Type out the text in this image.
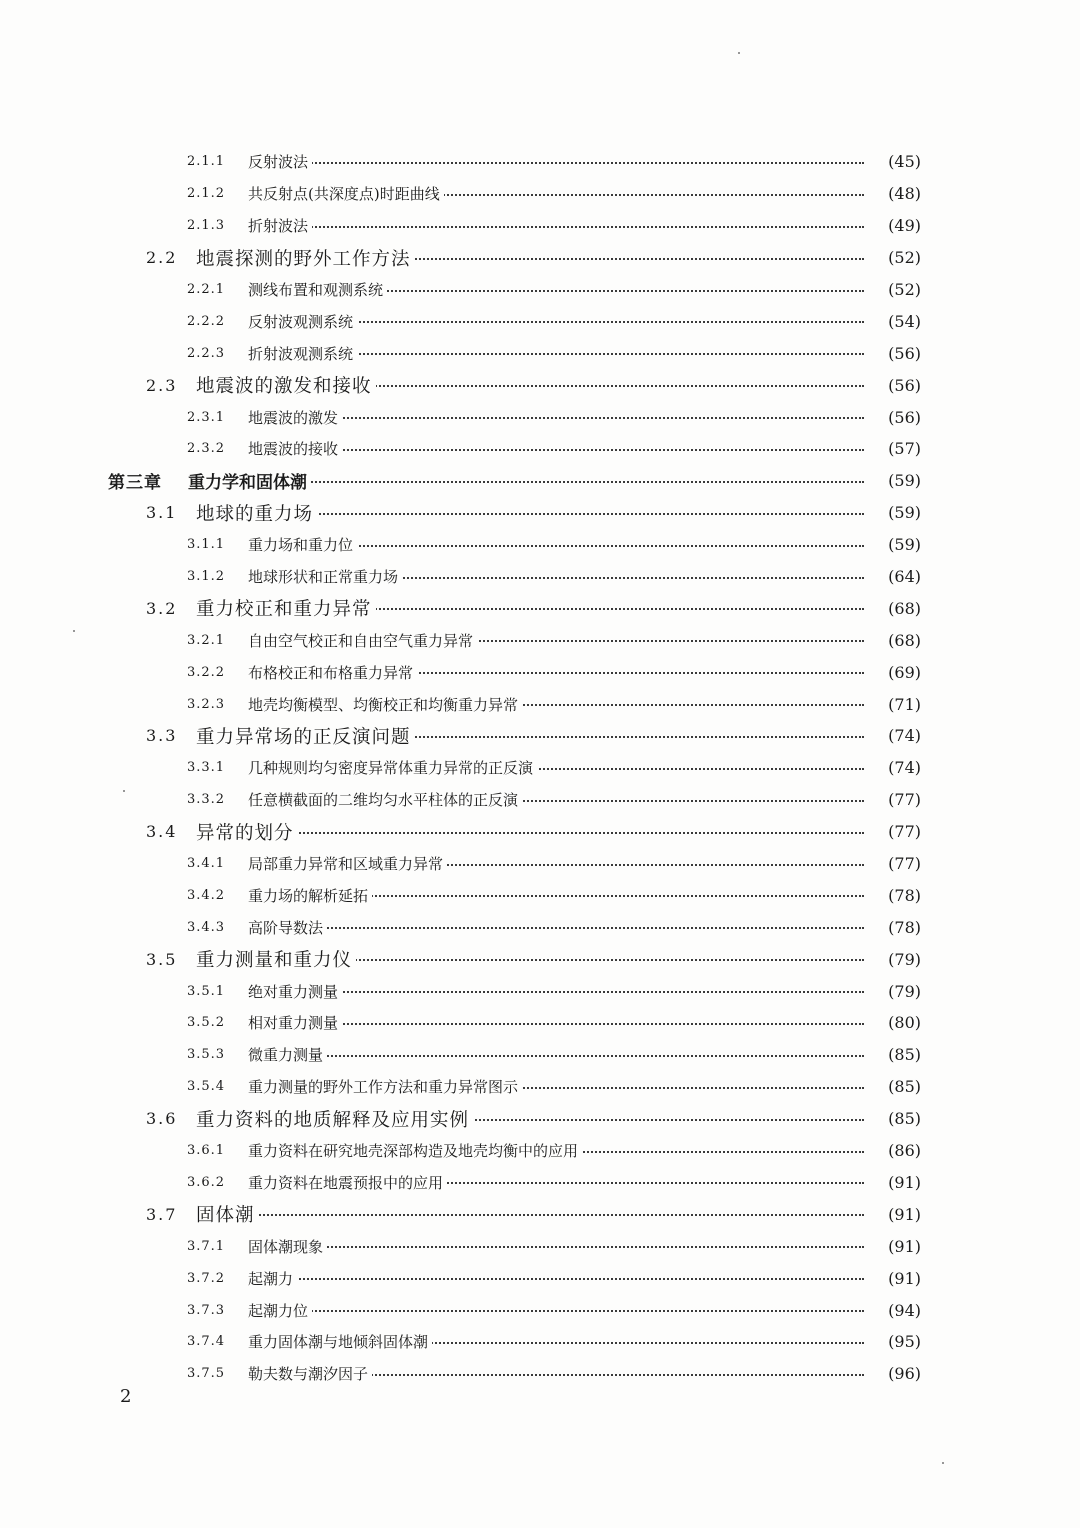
2.1.1 反射波法	(45)
2.1.2 共反射点(共深度点)时距曲线	(48)
2.1.3 折射波法	(49)
2.2 地震探测的野外工作方法	(52)
2.2.1 测线布置和观测系统	(52)
2.2.2 反射波观测系统	(54)
2.2.3 折射波观测系统	(56)
2.3 地震波的激发和接收	(56)
2.3.1 地震波的激发	(56)
2.3.2 地震波的接收	(57)
第三章 重力学和固体潮	(59)
3.1 地球的重力场	(59)
3.1.1 重力场和重力位	(59)
3.1.2 地球形状和正常重力场	(64)
3.2 重力校正和重力异常	(68)
3.2.1 自由空气校正和自由空气重力异常	(68)
3.2.2 布格校正和布格重力异常	(69)
3.2.3 地壳均衡模型、均衡校正和均衡重力异常	(71)
3.3 重力异常场的正反演问题	(74)
3.3.1 几种规则均匀密度异常体重力异常的正反演	(74)
3.3.2 任意横截面的二维均匀水平柱体的正反演	(77)
3.4 异常的划分	(77)
3.4.1 局部重力异常和区域重力异常	(77)
3.4.2 重力场的解析延拓	(78)
3.4.3 高阶导数法	(78)
3.5 重力测量和重力仪	(79)
3.5.1 绝对重力测量	(79)
3.5.2 相对重力测量	(80)
3.5.3 微重力测量	(85)
3.5.4 重力测量的野外工作方法和重力异常图示	(85)
3.6 重力资料的地质解释及应用实例	(85)
3.6.1 重力资料在研究地壳深部构造及地壳均衡中的应用	(86)
3.6.2 重力资料在地震预报中的应用	(91)
3.7 固体潮	(91)
3.7.1 固体潮现象	(91)
3.7.2 起潮力	(91)
3.7.3 起潮力位	(94)
3.7.4 重力固体潮与地倾斜固体潮	(95)
3.7.5 勒夫数与潮汐因子	(96)
2
